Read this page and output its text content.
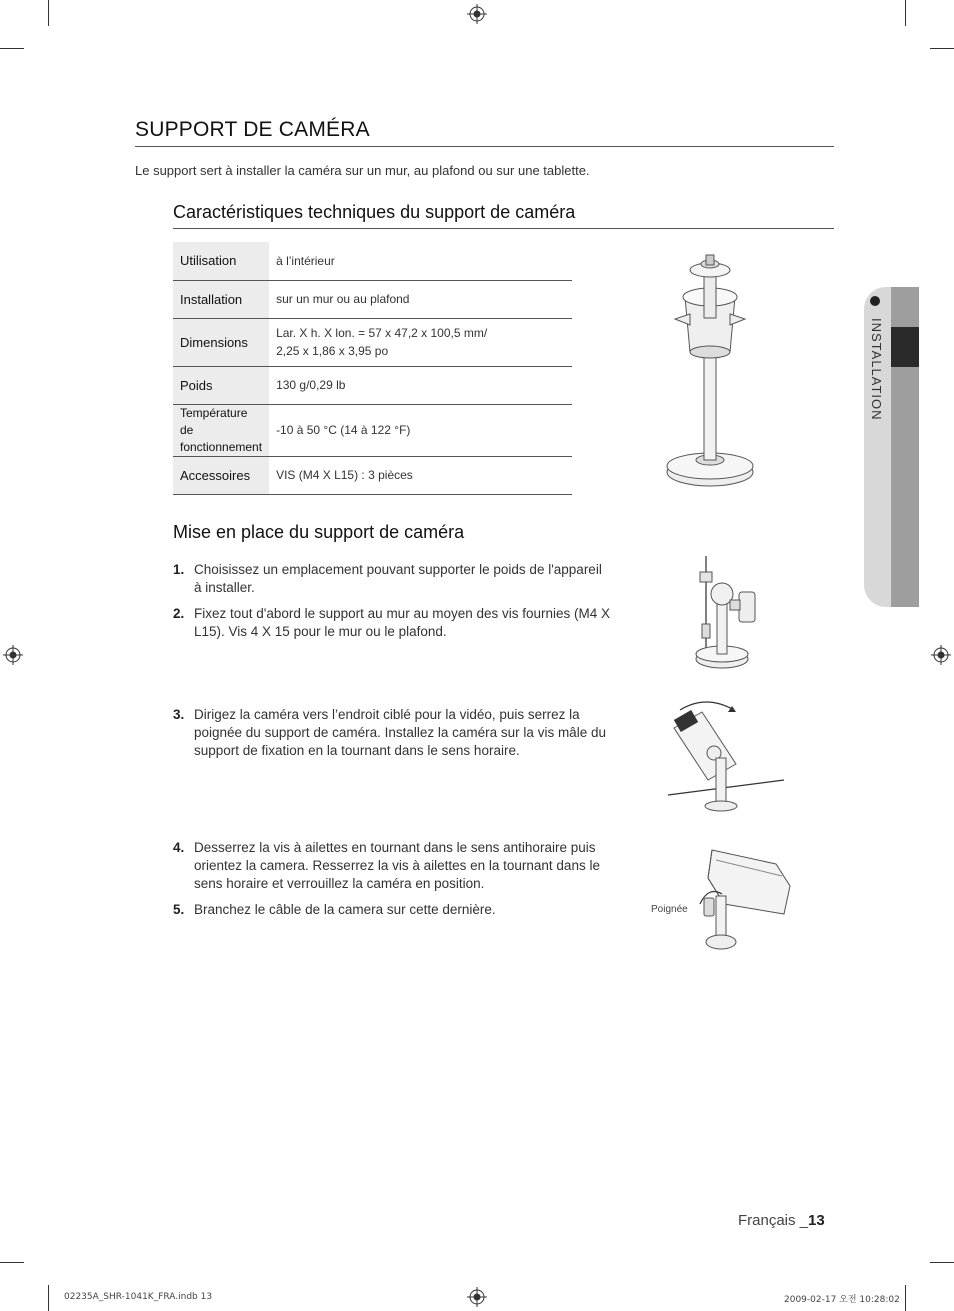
SUPPORT DE CAMÉRA
Le support sert à installer la caméra sur un mur, au plafond ou sur une tablette.
Caractéristiques techniques du support de caméra
Utilisation	à l’intérieur
Installation	sur un mur ou au plafond
Dimensions	Lar. X h. X lon. = 57 x 47,2 x 100,5 mm/
2,25 x 1,86 x 3,95 po

Poids	130 g/0,29 lb

Température de
fonctionnement	-10 à 50 °C (14 à 122 °F)
Accessoires	VIS (M4 X L15) : 3 pièces
INSTALLATION
Mise en place du support de caméra
1. Choisissez un emplacement pouvant supporter le poids de l'appareil à installer.
2. Fixez tout d'abord le support au mur au moyen des vis fournies (M4 X L15). Vis 4 X 15 pour le mur ou le plafond.
3. Dirigez la caméra vers l’endroit ciblé pour la vidéo, puis serrez la poignée du support de caméra. Installez la caméra sur la vis mâle du support de fixation en la tournant dans le sens horaire.
4. Desserrez la vis à ailettes en tournant dans le sens antihoraire puis orientez la camera. Resserrez la vis à ailettes en la tournant dans le sens horaire et verrouillez la caméra en position.
5. Branchez le câble de la camera sur cette dernière.	Poignée
Français _13
02235A_SHR-1041K_FRA.indb 13	2009-02-17 오전 10:28:02
